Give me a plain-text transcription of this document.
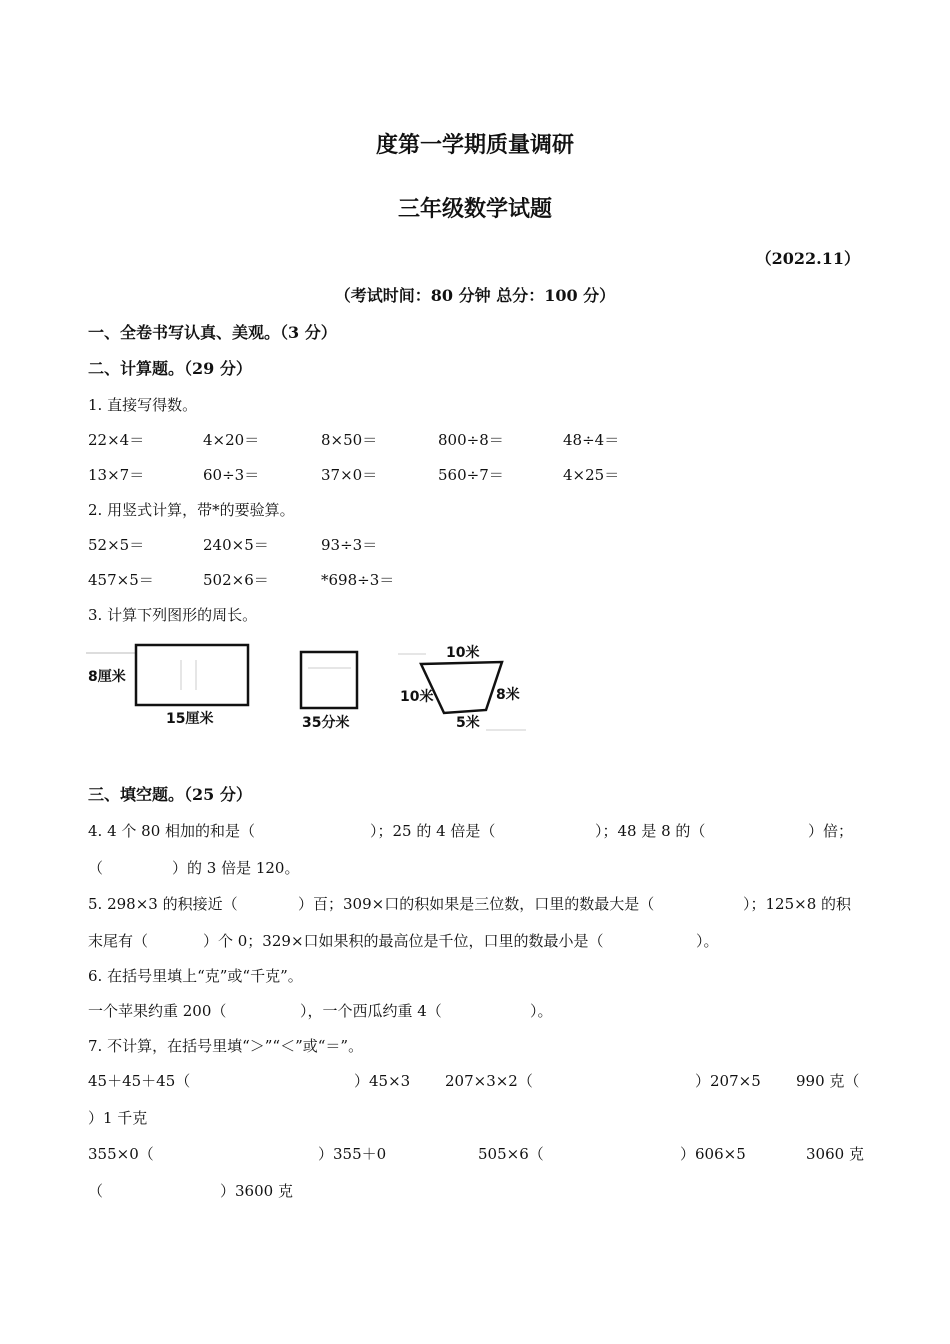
度第一学期质量调研
三年级数学试题
（2022.11）
（考试时间：80 分钟 总分：100 分）
一、全卷书写认真、美观。（3 分）
二、计算题。（29 分）
1. 直接写得数。
22×4＝	4×20＝	8×50＝	800÷8＝	48÷4＝
13×7＝	60÷3＝	37×0＝	560÷7＝	4×25＝
2. 用竖式计算，带*的要验算。
52×5＝	240×5＝	93÷3＝
457×5＝	502×6＝	*698÷3＝
3. 计算下列图形的周长。
8厘米
15厘米	35分米
10米
10米	8米
5米
三、填空题。（25 分）
4. 4 个 80 相加的和是（	）；25 的 4 倍是（	）；48 是 8 的（	）倍；
（	）的 3 倍是 120。
5. 298×3 的积接近（	）百；309×口的积如果是三位数，口里的数最大是（	）；125×8 的积
末尾有（	）个 0；329×口如果积的最高位是千位，口里的数最小是（	）。
6. 在括号里填上“克”或“千克”。
一个苹果约重 200（	），一个西瓜约重 4（	）。
7. 不计算，在括号里填“＞”“＜”或“＝”。
45＋45＋45（	）45×3 207×3×2（	）207×5 990 克（
）1 千克
355×0（	）355＋0	505×6（	）606×5	3060 克
（	）3600 克
